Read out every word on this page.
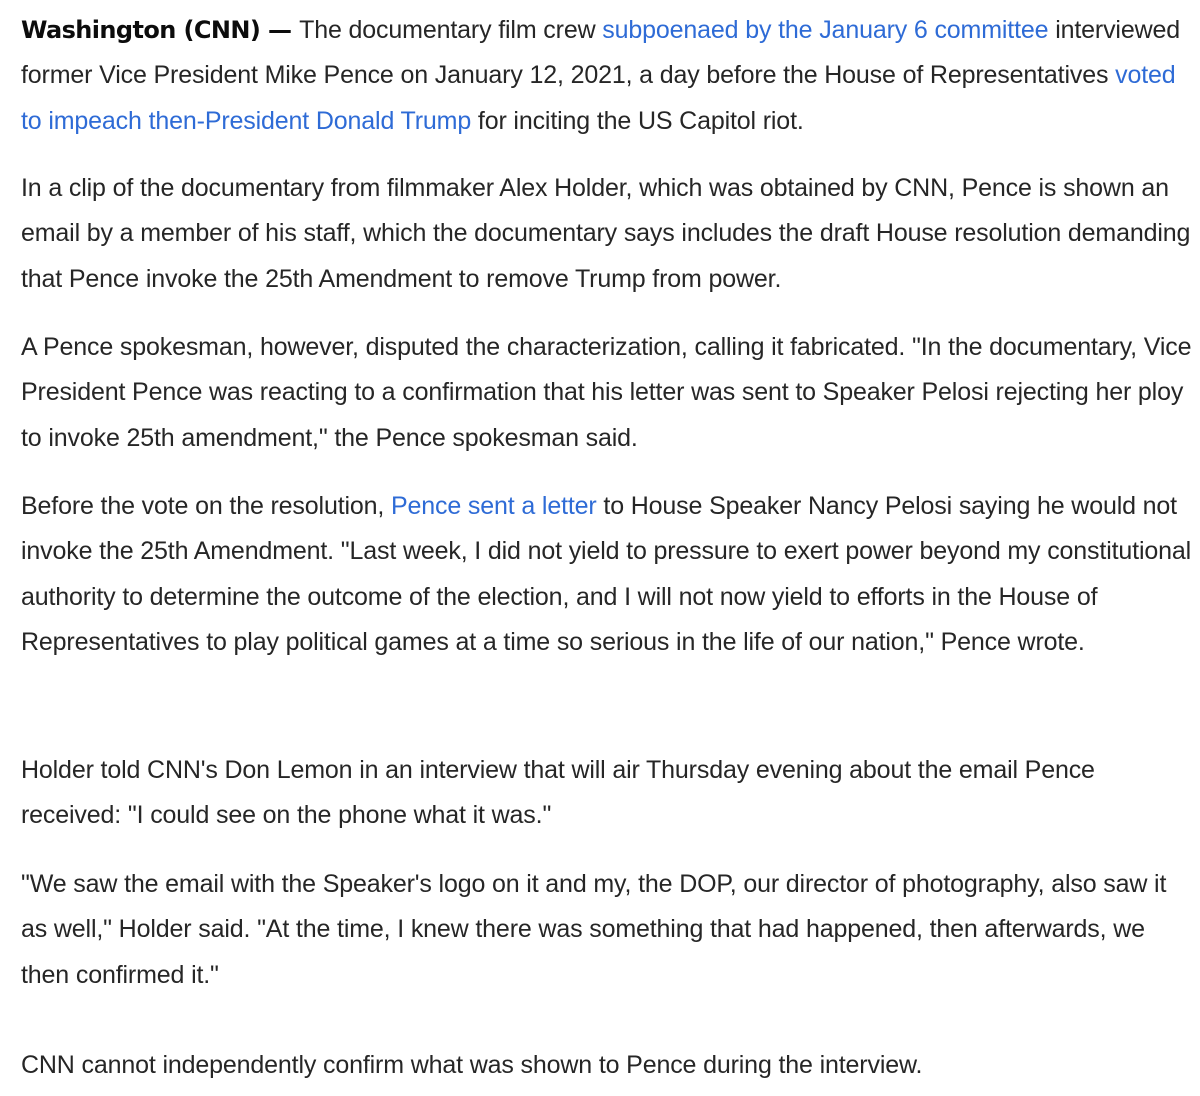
Washington (CNN) — The documentary film crew subpoenaed by the January 6 committee interviewed former Vice President Mike Pence on January 12, 2021, a day before the House of Representatives voted to impeach then-President Donald Trump for inciting the US Capitol riot.

In a clip of the documentary from filmmaker Alex Holder, which was obtained by CNN, Pence is shown an email by a member of his staff, which the documentary says includes the draft House resolution demanding that Pence invoke the 25th Amendment to remove Trump from power.

A Pence spokesman, however, disputed the characterization, calling it fabricated. "In the documentary, Vice President Pence was reacting to a confirmation that his letter was sent to Speaker Pelosi rejecting her ploy to invoke 25th amendment," the Pence spokesman said.

Before the vote on the resolution, Pence sent a letter to House Speaker Nancy Pelosi saying he would not invoke the 25th Amendment. "Last week, I did not yield to pressure to exert power beyond my constitutional authority to determine the outcome of the election, and I will not now yield to efforts in the House of Representatives to play political games at a time so serious in the life of our nation," Pence wrote.

Holder told CNN's Don Lemon in an interview that will air Thursday evening about the email Pence received: "I could see on the phone what it was."

"We saw the email with the Speaker's logo on it and my, the DOP, our director of photography, also saw it as well," Holder said. "At the time, I knew there was something that had happened, then afterwards, we then confirmed it."

CNN cannot independently confirm what was shown to Pence during the interview.
